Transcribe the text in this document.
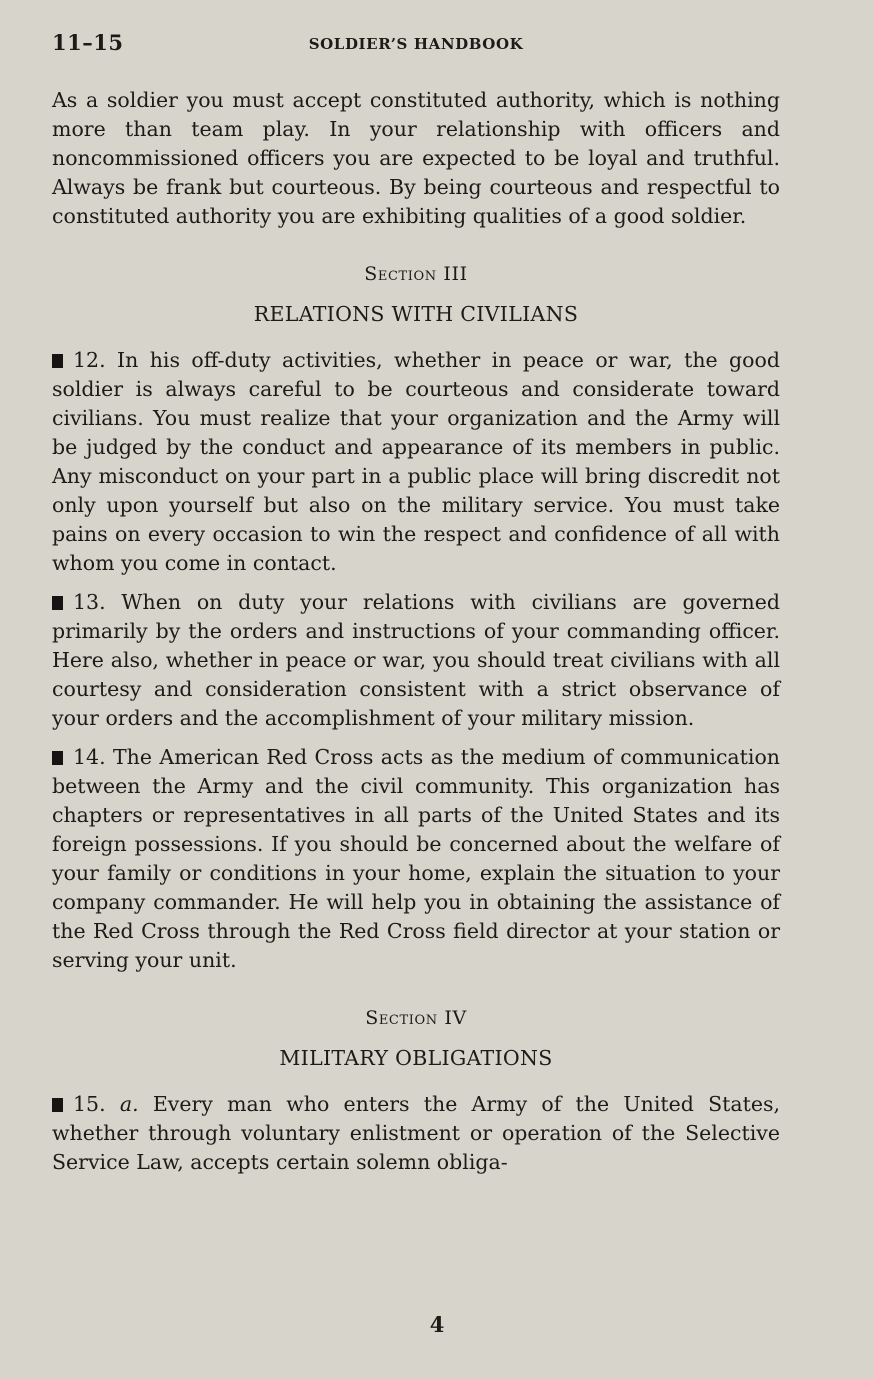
11–15	SOLDIER’S HANDBOOK

As a soldier you must accept constituted authority, which is nothing more than team play. In your relationship with officers and noncommissioned officers you are expected to be loyal and truthful. Always be frank but courteous. By being courteous and respectful to constituted authority you are exhibiting qualities of a good soldier.

Section III
RELATIONS WITH CIVILIANS

12. In his off-duty activities, whether in peace or war, the good soldier is always careful to be courteous and considerate toward civilians. You must realize that your organization and the Army will be judged by the conduct and appearance of its members in public. Any misconduct on your part in a public place will bring discredit not only upon yourself but also on the military service. You must take pains on every occasion to win the respect and confidence of all with whom you come in contact.

13. When on duty your relations with civilians are governed primarily by the orders and instructions of your commanding officer. Here also, whether in peace or war, you should treat civilians with all courtesy and consideration consistent with a strict observance of your orders and the accomplishment of your military mission.

14. The American Red Cross acts as the medium of communication between the Army and the civil community. This organization has chapters or representatives in all parts of the United States and its foreign possessions. If you should be concerned about the welfare of your family or conditions in your home, explain the situation to your company commander. He will help you in obtaining the assistance of the Red Cross through the Red Cross field director at your station or serving your unit.

Section IV
MILITARY OBLIGATIONS

15. a. Every man who enters the Army of the United States, whether through voluntary enlistment or operation of the Selective Service Law, accepts certain solemn obliga-

4
